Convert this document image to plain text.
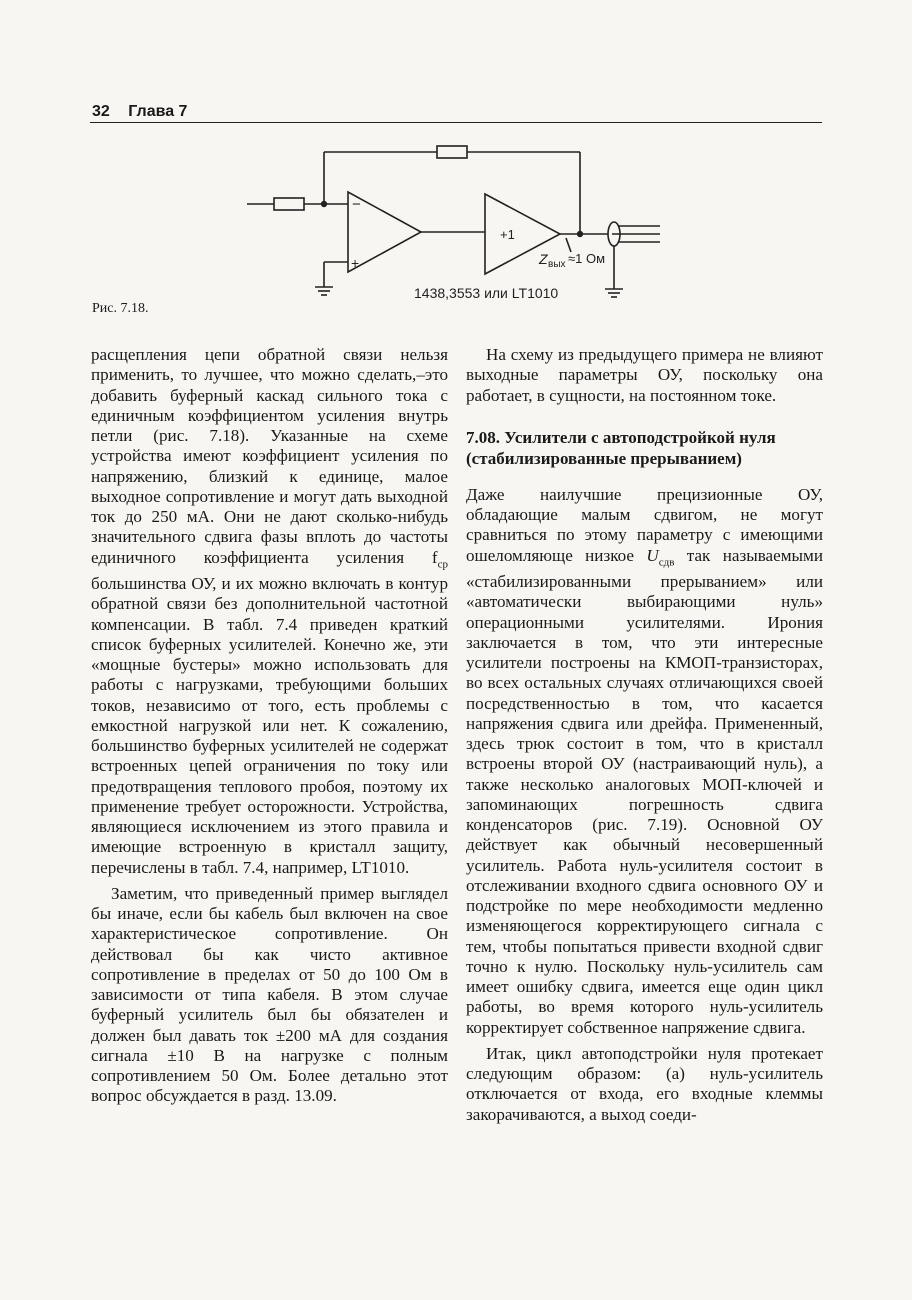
32 Глава 7
−
+
+1
Z вых ≈1 Ом
1438,3553 или LT1010
Рис. 7.18.

расщепления цепи обратной связи нельзя применить, то лучшее, что можно сделать,–это добавить буферный каскад сильного тока с единичным коэффициентом усиления внутрь петли (рис. 7.18). Указанные на схеме устройства имеют коэффициент усиления по напряжению, близкий к единице, малое выходное сопротивление и могут дать выходной ток до 250 мА. Они не дают сколько-нибудь значительного сдвига фазы вплоть до частоты единичного коэффициента усиления $f_{ср}$ большинства ОУ, и их можно включать в контур обратной связи без дополнительной частотной компенсации. В табл. 7.4 приведен краткий список буферных усилителей. Конечно же, эти «мощные бустеры» можно использовать для работы с нагрузками, требующими больших токов, независимо от того, есть проблемы с емкостной нагрузкой или нет. К сожалению, большинство буферных усилителей не содержат встроенных цепей ограничения по току или предотвращения теплового пробоя, поэтому их применение требует осторожности. Устройства, являющиеся исключением из этого правила и имеющие встроенную в кристалл защиту, перечислены в табл. 7.4, например, LT1010.

Заметим, что приведенный пример выглядел бы иначе, если бы кабель был включен на свое характеристическое сопротивление. Он действовал бы как чисто активное сопротивление в пределах от 50 до 100 Ом в зависимости от типа кабеля. В этом случае буферный усилитель был бы обязателен и должен был давать ток ±200 мА для создания сигнала ±10 В на нагрузке с полным сопротивлением 50 Ом. Более детально этот вопрос обсуждается в разд. 13.09.

На схему из предыдущего примера не влияют выходные параметры ОУ, поскольку она работает, в сущности, на постоянном токе.

7.08. Усилители с автоподстройкой нуля (стабилизированные прерыванием)

Даже наилучшие прецизионные ОУ, обладающие малым сдвигом, не могут сравниться по этому параметру с имеющими ошеломляюще низкое $U_{сдв}$ так называемыми «стабилизированными прерыванием» или «автоматически выбирающими нуль» операционными усилителями. Ирония заключается в том, что эти интересные усилители построены на КМОП-транзисторах, во всех остальных случаях отличающихся своей посредственностью в том, что касается напряжения сдвига или дрейфа. Примененный, здесь трюк состоит в том, что в кристалл встроены второй ОУ (настраивающий нуль), а также несколько аналоговых МОП-ключей и запоминающих погрешность сдвига конденсаторов (рис. 7.19). Основной ОУ действует как обычный несовершенный усилитель. Работа нуль-усилителя состоит в отслеживании входного сдвига основного ОУ и подстройке по мере необходимости медленно изменяющегося корректирующего сигнала с тем, чтобы попытаться привести входной сдвиг точно к нулю. Поскольку нуль-усилитель сам имеет ошибку сдвига, имеется еще один цикл работы, во время которого нуль-усилитель корректирует собственное напряжение сдвига.

Итак, цикл автоподстройки нуля протекает следующим образом: (а) нуль-усилитель отключается от входа, его входные клеммы закорачиваются, а выход соеди-
